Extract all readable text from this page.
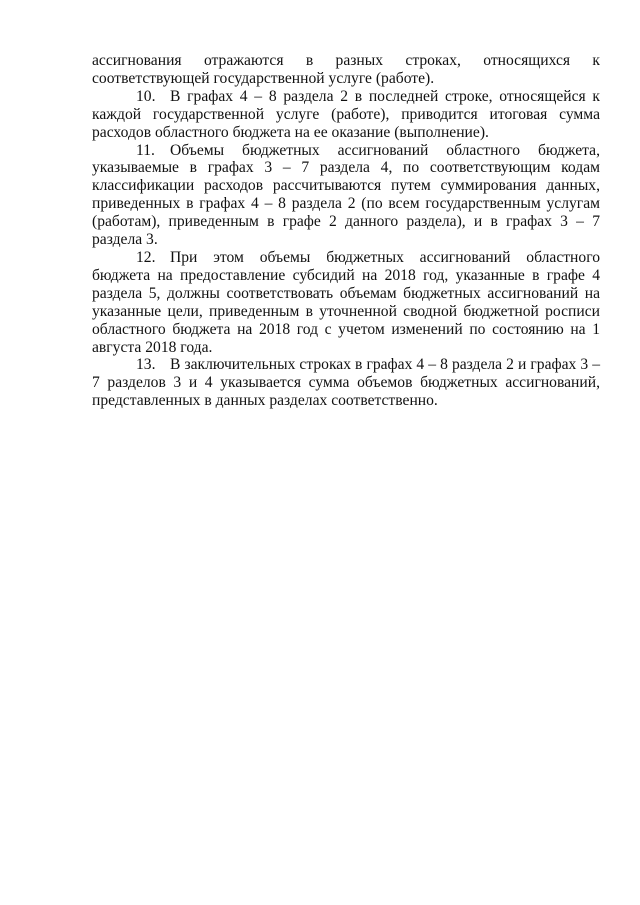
ассигнования отражаются в разных строках, относящихся к соответствующей государственной услуге (работе).

10. В графах 4 – 8 раздела 2 в последней строке, относящейся к каждой государственной услуге (работе), приводится итоговая сумма расходов областного бюджета на ее оказание (выполнение).

11. Объемы бюджетных ассигнований областного бюджета, указываемые в графах 3 – 7 раздела 4, по соответствующим кодам классификации расходов рассчитываются путем суммирования данных, приведенных в графах 4 – 8 раздела 2 (по всем государственным услугам (работам), приведенным в графе 2 данного раздела), и в графах 3 – 7 раздела 3.

12. При этом объемы бюджетных ассигнований областного бюджета на предоставление субсидий на 2018 год, указанные в графе 4 раздела 5, должны соответствовать объемам бюджетных ассигнований на указанные цели, приведенным в уточненной сводной бюджетной росписи областного бюджета на 2018 год с учетом изменений по состоянию на 1 августа 2018 года.

13. В заключительных строках в графах 4 – 8 раздела 2 и графах 3 – 7 разделов 3 и 4 указывается сумма объемов бюджетных ассигнований, представленных в данных разделах соответственно.
